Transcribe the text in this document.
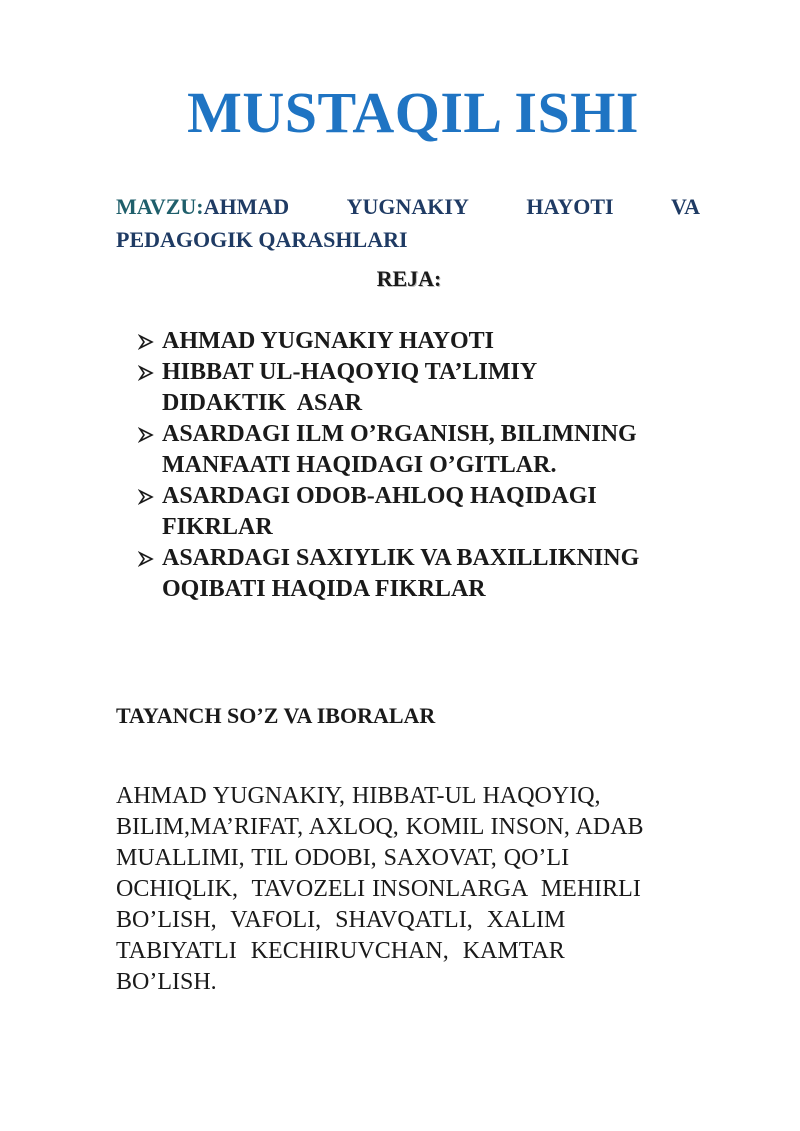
MUSTAQIL ISHI
MAVZU:AHMAD	YUGNAKIY	HAYOTI	VA
PEDAGOGIK QARASHLARI
REJA:
AHMAD YUGNAKIY HAYOTI
HIBBAT UL-HAQOYIQ TA’LIMIY
DIDAKTIK  ASAR
ASARDAGI ILM O’RGANISH, BILIMNING
MANFAATI HAQIDAGI O’GITLAR.
ASARDAGI ODOB-AHLOQ HAQIDAGI
FIKRLAR
ASARDAGI SAXIYLIK VA BAXILLIKNING
OQIBATI HAQIDA FIKRLAR
TAYANCH SO’Z VA IBORALAR
AHMAD YUGNAKIY, HIBBAT-UL HAQOYIQ,
BILIM,MA’RIFAT, AXLOQ, KOMIL INSON, ADAB
MUALLIMI, TIL ODOBI, SAXOVAT, QO’LI
OCHIQLIK,  TAVOZELI INSONLARGA  MEHIRLI
BO’LISH,  VAFOLI,  SHAVQATLI,  XALIM
TABIYATLI  KECHIRUVCHAN,  KAMTAR
BO’LISH.
